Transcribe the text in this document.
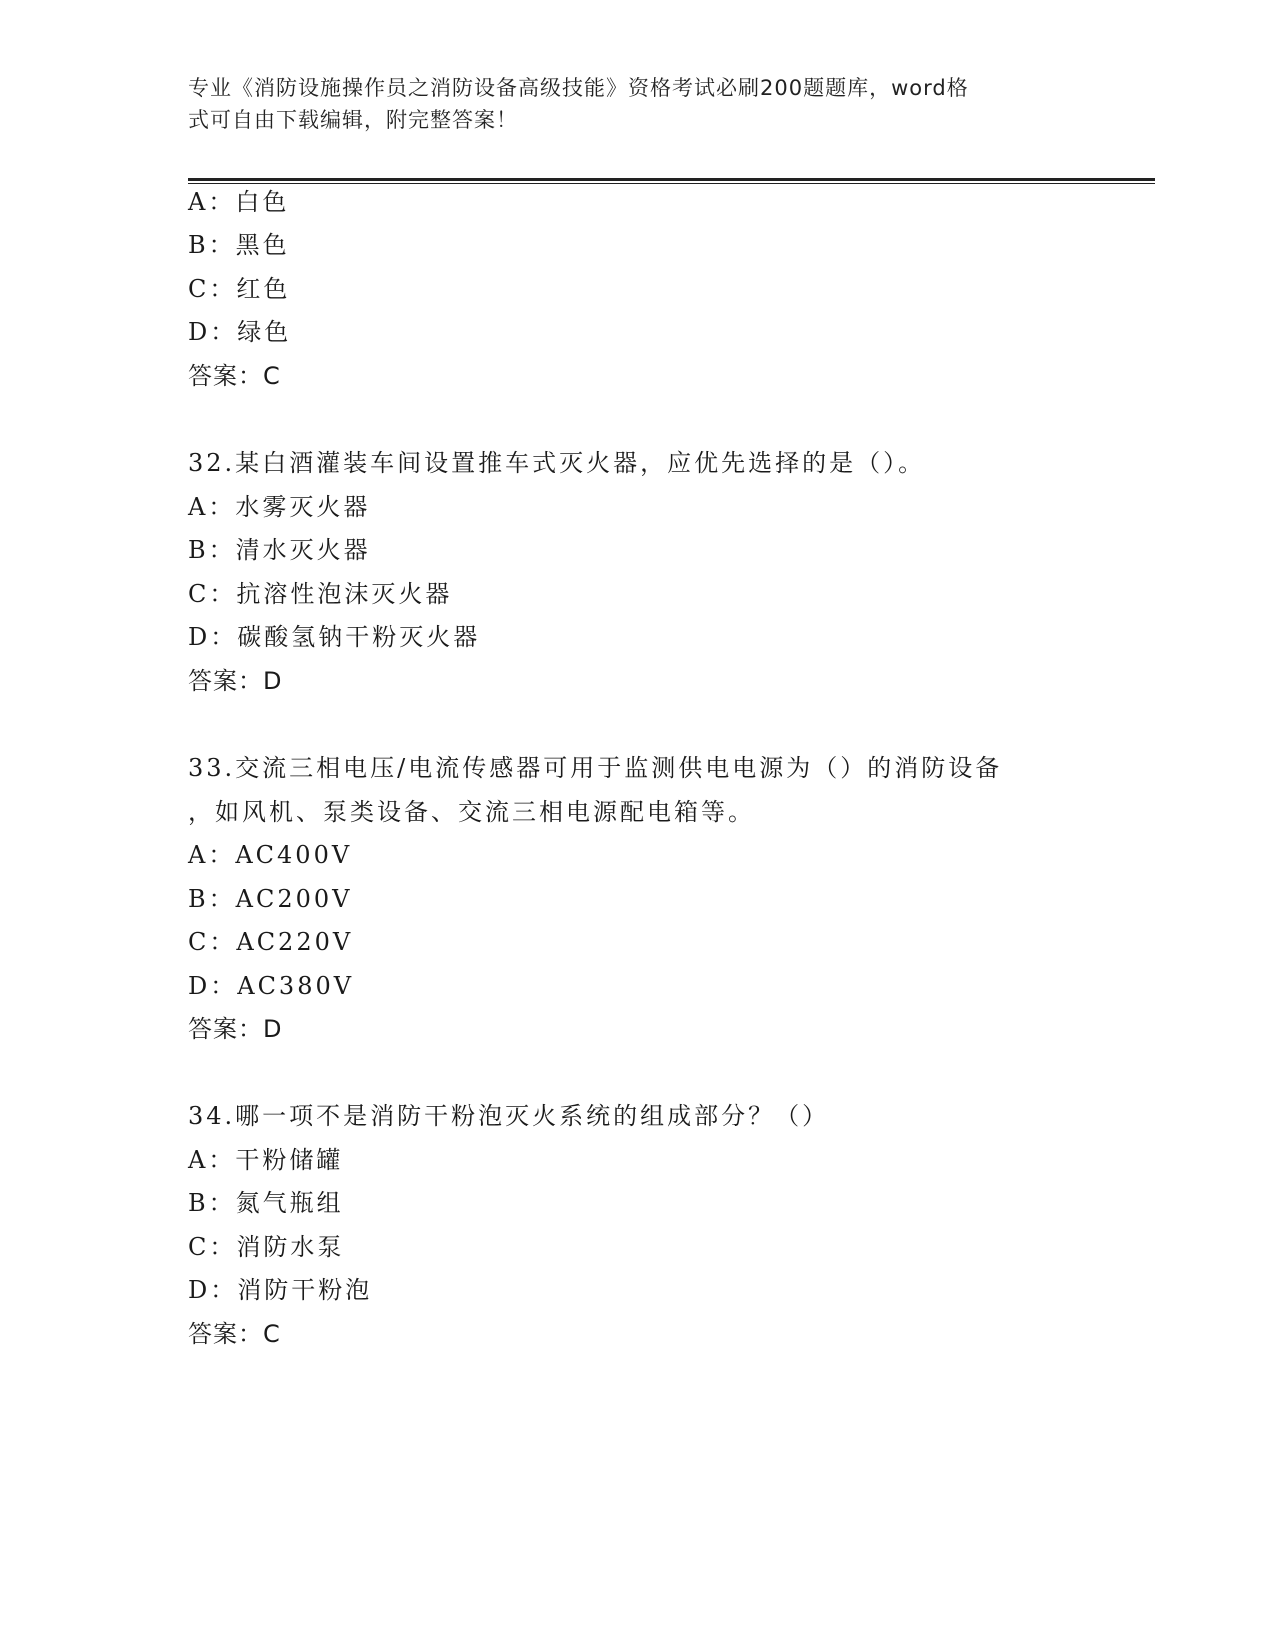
专业《消防设施操作员之消防设备高级技能》资格考试必刷200题题库，word格
式可自由下载编辑，附完整答案！
A：白色
B：黑色
C：红色
D：绿色
答案：C
32.某白酒灌装车间设置推车式灭火器，应优先选择的是（）。
A：水雾灭火器
B：清水灭火器
C：抗溶性泡沫灭火器
D：碳酸氢钠干粉灭火器
答案：D
33.交流三相电压/电流传感器可用于监测供电电源为（）的消防设备
，如风机、泵类设备、交流三相电源配电箱等。
A：AC400V
B：AC200V
C：AC220V
D：AC380V
答案：D
34.哪一项不是消防干粉泡灭火系统的组成部分？（）
A：干粉储罐
B：氮气瓶组
C：消防水泵
D：消防干粉泡
答案：C
